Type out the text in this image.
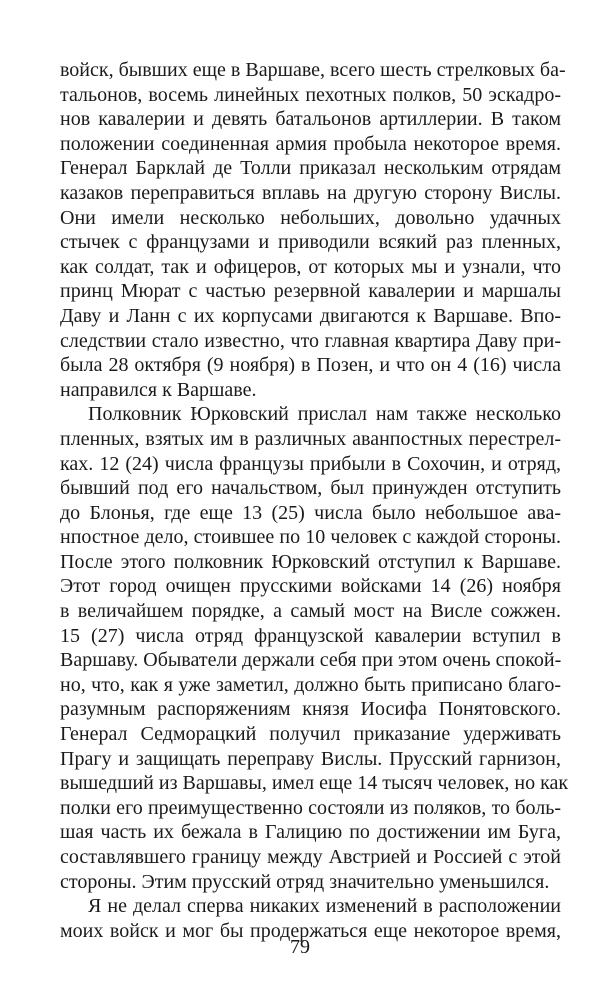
войск, бывших еще в Варшаве, всего шесть стрелковых ба-
тальонов, восемь линейных пехотных полков, 50 эскадро-
нов кавалерии и девять батальонов артиллерии. В таком
положении соединенная армия пробыла некоторое время.
Генерал Барклай де Толли приказал нескольким отрядам
казаков переправиться вплавь на другую сторону Вислы.
Они имели несколько небольших, довольно удачных
стычек с французами и приводили всякий раз пленных,
как солдат, так и офицеров, от которых мы и узнали, что
принц Мюрат с частью резервной кавалерии и маршалы
Даву и Ланн с их корпусами двигаются к Варшаве. Впо-
следствии стало известно, что главная квартира Даву при-
была 28 октября (9 ноября) в Позен, и что он 4 (16) числа
направился к Варшаве.
Полковник Юрковский прислал нам также несколько
пленных, взятых им в различных аванпостных перестрел-
ках. 12 (24) числа французы прибыли в Сохочин, и отряд,
бывший под его начальством, был принужден отступить
до Блонья, где еще 13 (25) числа было небольшое ава-
нпостное дело, стоившее по 10 человек с каждой стороны.
После этого полковник Юрковский отступил к Варшаве.
Этот город очищен прусскими войсками 14 (26) ноября
в величайшем порядке, а самый мост на Висле сожжен.
15 (27) числа отряд французской кавалерии вступил в
Варшаву. Обыватели держали себя при этом очень спокой-
но, что, как я уже заметил, должно быть приписано благо-
разумным распоряжениям князя Иосифа Понятовского.
Генерал Седморацкий получил приказание удерживать
Прагу и защищать переправу Вислы. Прусский гарнизон,
вышедший из Варшавы, имел еще 14 тысяч человек, но как
полки его преимущественно состояли из поляков, то боль-
шая часть их бежала в Галицию по достижении им Буга,
составлявшего границу между Австрией и Россией с этой
стороны. Этим прусский отряд значительно уменьшился.
Я не делал сперва никаких изменений в расположении
моих войск и мог бы продержаться еще некоторое время,
79
